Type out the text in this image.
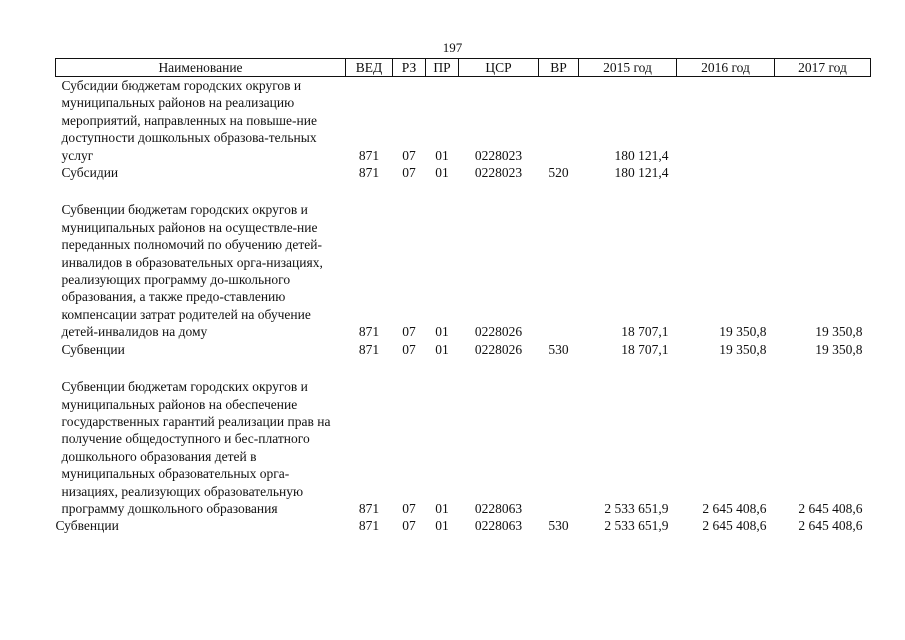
197
Наименование	ВЕД	РЗ	ПР	ЦСР	ВР	2015 год	2016 год	2017 год
Субсидии бюджетам городских округов и муниципальных районов на реализацию мероприятий, направленных на повыше-ние доступности дошкольных образова-тельных услуг	871	07	01	0228023		180 121,4		
Субсидии	871	07	01	0228023	520	180 121,4		

Субвенции бюджетам городских округов и муниципальных районов на осуществле-ние переданных полномочий по обучению детей-инвалидов в образовательных орга-низациях, реализующих программу до-школьного образования, а также предо-ставлению компенсации затрат родителей на обучение детей-инвалидов на дому	871	07	01	0228026		18 707,1	19 350,8	19 350,8
Субвенции	871	07	01	0228026	530	18 707,1	19 350,8	19 350,8

Субвенции бюджетам городских округов и муниципальных районов на обеспечение государственных гарантий реализации прав на получение общедоступного и бес-платного дошкольного образования детей в муниципальных образовательных орга-низациях, реализующих образовательную программу дошкольного образования	871	07	01	0228063		2 533 651,9	2 645 408,6	2 645 408,6
Субвенции	871	07	01	0228063	530	2 533 651,9	2 645 408,6	2 645 408,6
